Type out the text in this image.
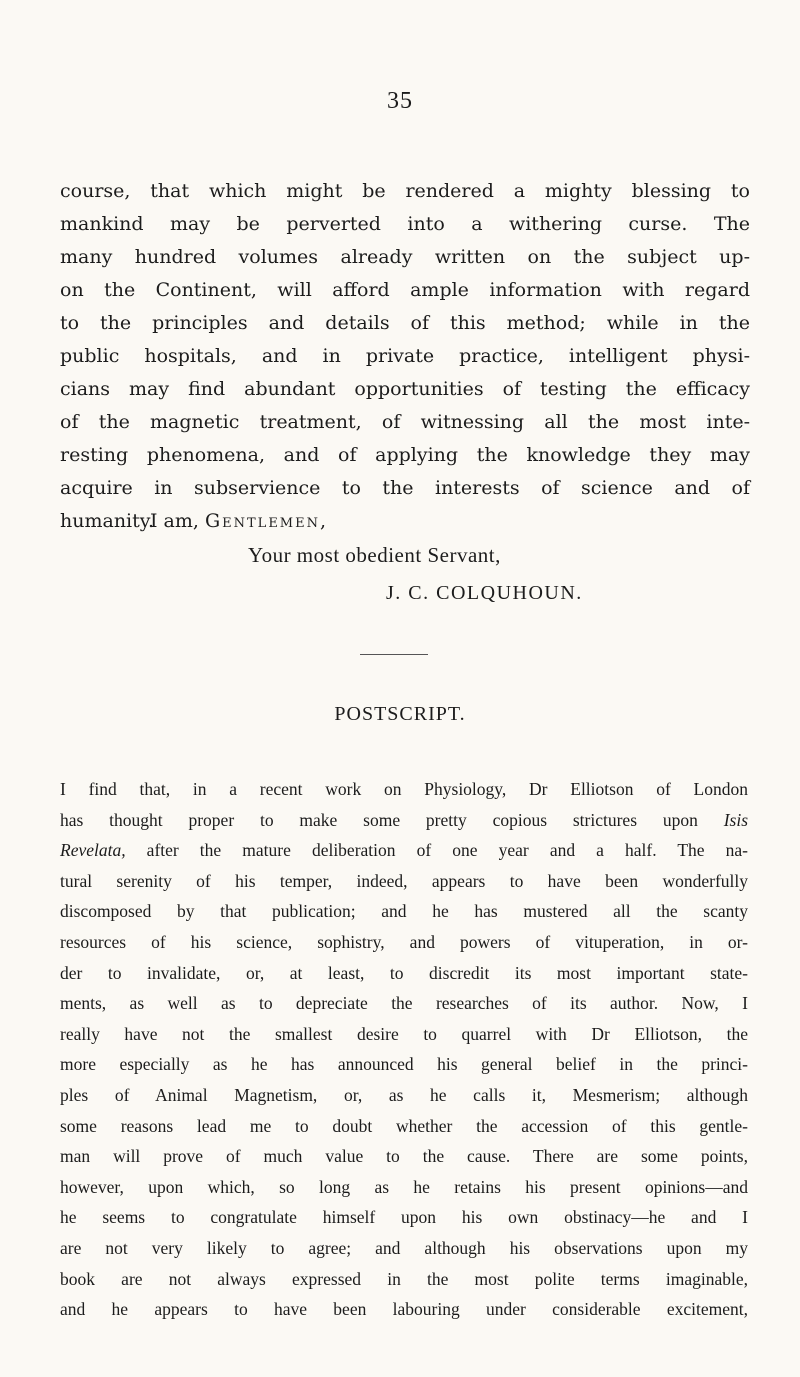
35
course, that which might be rendered a mighty blessing to
mankind may be perverted into a withering curse. The
many hundred volumes already written on the subject up-
on the Continent, will afford ample information with regard
to the principles and details of this method; while in the
public hospitals, and in private practice, intelligent physi-
cians may find abundant opportunities of testing the efficacy
of the magnetic treatment, of witnessing all the most inte-
resting phenomena, and of applying the knowledge they may
acquire in subservience to the interests of science and of
humanity.
I am, Gentlemen,
Your most obedient Servant,
J. C. COLQUHOUN.
POSTSCRIPT.
I find that, in a recent work on Physiology, Dr Elliotson of London
has thought proper to make some pretty copious strictures upon Isis
Revelata, after the mature deliberation of one year and a half. The na-
tural serenity of his temper, indeed, appears to have been wonderfully
discomposed by that publication; and he has mustered all the scanty
resources of his science, sophistry, and powers of vituperation, in or-
der to invalidate, or, at least, to discredit its most important state-
ments, as well as to depreciate the researches of its author. Now, I
really have not the smallest desire to quarrel with Dr Elliotson, the
more especially as he has announced his general belief in the princi-
ples of Animal Magnetism, or, as he calls it, Mesmerism; although
some reasons lead me to doubt whether the accession of this gentle-
man will prove of much value to the cause. There are some points,
however, upon which, so long as he retains his present opinions—and
he seems to congratulate himself upon his own obstinacy—he and I
are not very likely to agree; and although his observations upon my
book are not always expressed in the most polite terms imaginable,
and he appears to have been labouring under considerable excitement,
